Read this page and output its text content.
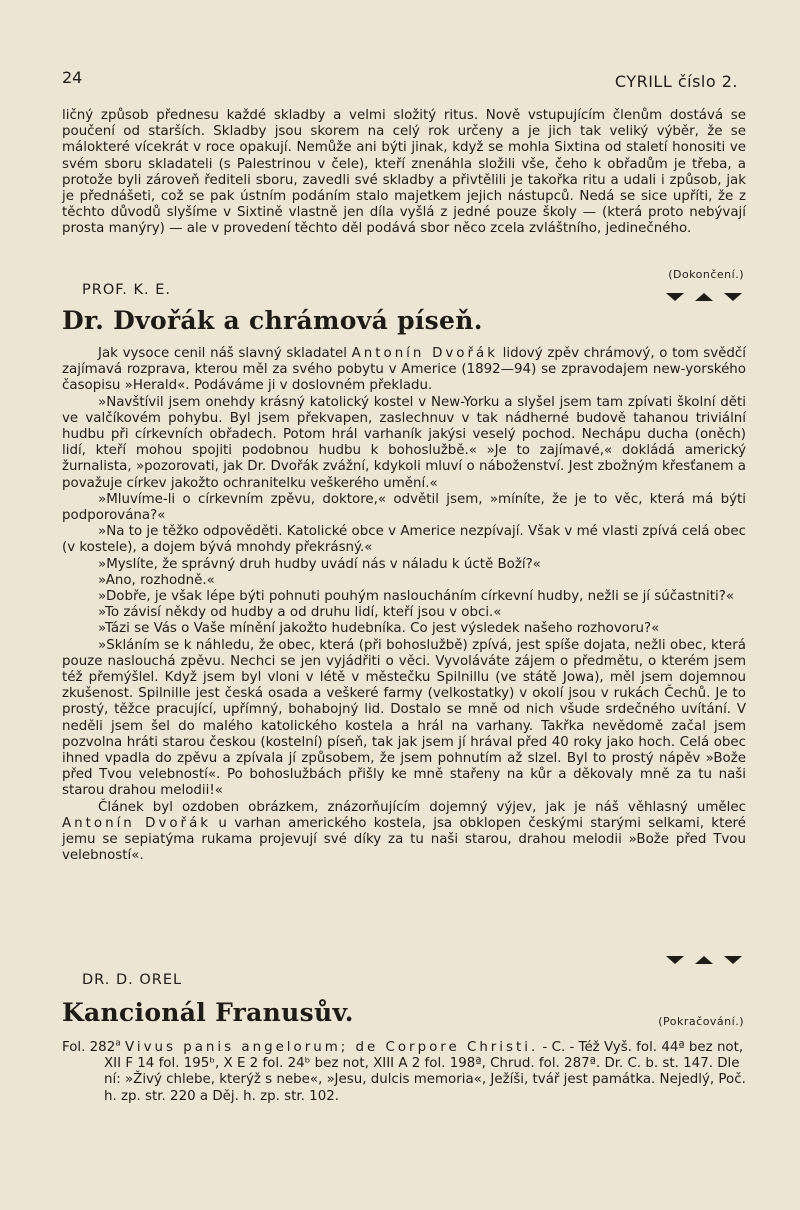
24	CYRILL číslo 2.

ličný způsob přednesu každé skladby a velmi složitý ritus. Nově vstupujícím členům dostává se poučení od starších. Skladby jsou skorem na celý rok určeny a je jich tak veliký výběr, že se málokteré vícekrát v roce opakují. Nemůže ani býti jinak, když se mohla Sixtina od staletí honositi ve svém sboru skladateli (s Palestrinou v čele), kteří znenáhla složili vše, čeho k obřadům je třeba, a protože byli zároveň řediteli sboru, zavedli své skladby a přivtělili je takořka ritu a udali i způsob, jak je přednášeti, což se pak ústním podáním stalo majetkem jejich nástupců. Nedá se sice upříti, že z těchto důvodů slyšíme v Sixtině vlastně jen díla vyšlá z jedné pouze školy — (která proto nebývají prosta manýry) — ale v provedení těchto děl podává sbor něco zcela zvláštního, jedinečného.

(Dokončení.)
PROF. K. E.
Dr. Dvořák a chrámová píseň.

Jak vysoce cenil náš slavný skladatel Antonín Dvořák lidový zpěv chrámový, o tom svědčí zajímavá rozprava, kterou měl za svého pobytu v Americe (1892—94) se zpravodajem new-yorského časopisu »Herald«. Podáváme ji v doslovném překladu.

»Navštívil jsem onehdy krásný katolický kostel v New-Yorku a slyšel jsem tam zpívati školní děti ve valčíkovém pohybu. Byl jsem překvapen, zaslechnuv v tak nádherné budově tahanou triviální hudbu při církevních obřadech. Potom hrál varhaník jakýsi veselý pochod. Nechápu ducha (oněch) lidí, kteří mohou spojiti podobnou hudbu k bohoslužbě.« »Je to zajímavé,« dokládá americký žurnalista, »pozorovati, jak Dr. Dvořák zvážní, kdykoli mluví o náboženství. Jest zbožným křesťanem a považuje církev jakožto ochranitelku veškerého umění.«

»Mluvíme-li o církevním zpěvu, doktore,« odvětil jsem, »míníte, že je to věc, která má býti podporována?«

»Na to je těžko odpověděti. Katolické obce v Americe nezpívají. Však v mé vlasti zpívá celá obec (v kostele), a dojem bývá mnohdy překrásný.«

»Myslíte, že správný druh hudby uvádí nás v náladu k úctě Boží?«

»Ano, rozhodně.«

»Dobře, je však lépe býti pohnuti pouhým nasloucháním církevní hudby, nežli se jí súčastniti?«

»To závisí někdy od hudby a od druhu lidí, kteří jsou v obci.«

»Tázi se Vás o Vaše mínění jakožto hudebníka. Co jest výsledek našeho rozhovoru?«

»Skláním se k náhledu, že obec, která (při bohoslužbě) zpívá, jest spíše dojata, nežli obec, která pouze naslouchá zpěvu. Nechci se jen vyjádřiti o věci. Vyvoláváte zájem o předmětu, o kterém jsem též přemýšlel. Když jsem byl vloni v létě v městečku Spilnillu (ve státě Jowa), měl jsem dojemnou zkušenost. Spilnille jest česká osada a veškeré farmy (velkostatky) v okolí jsou v rukách Čechů. Je to prostý, těžce pracující, upřímný, bohabojný lid. Dostalo se mně od nich všude srdečného uvítání. V neděli jsem šel do malého katolického kostela a hrál na varhany. Takřka nevědomě začal jsem pozvolna hráti starou českou (kostelní) píseň, tak jak jsem jí hrával před 40 roky jako hoch. Celá obec ihned vpadla do zpěvu a zpívala jí způsobem, že jsem pohnutím až slzel. Byl to prostý nápěv »Bože před Tvou velebností«. Po bohoslužbách přišly ke mně stařeny na kůr a děkovaly mně za tu naši starou drahou melodii!«

Článek byl ozdoben obrázkem, znázorňujícím dojemný výjev, jak je náš věhlasný umělec Antonín Dvořák u varhan amerického kostela, jsa obklopen českými starými selkami, které jemu se sepiatýma rukama projevují své díky za tu naši starou, drahou melodii »Bože před Tvou velebností«.

DR. D. OREL
Kancionál Franusův.	(Pokračování.)

Fol. 282$^a$ Vivus panis angelorum; de Corpore Christi. - C. - Též Vyš. fol. 44ª bez not, XII F 14 fol. 195ᵇ, X E 2 fol. 24ᵇ bez not, XIII A 2 fol. 198ª, Chrud. fol. 287ª. Dr. C. b. st. 147. Dle ní: »Živý chlebe, kterýž s nebe«, »Jesu, dulcis memoria«, Ježíši, tvář jest památka. Nejedlý, Poč. h. zp. str. 220 a Děj. h. zp. str. 102.
